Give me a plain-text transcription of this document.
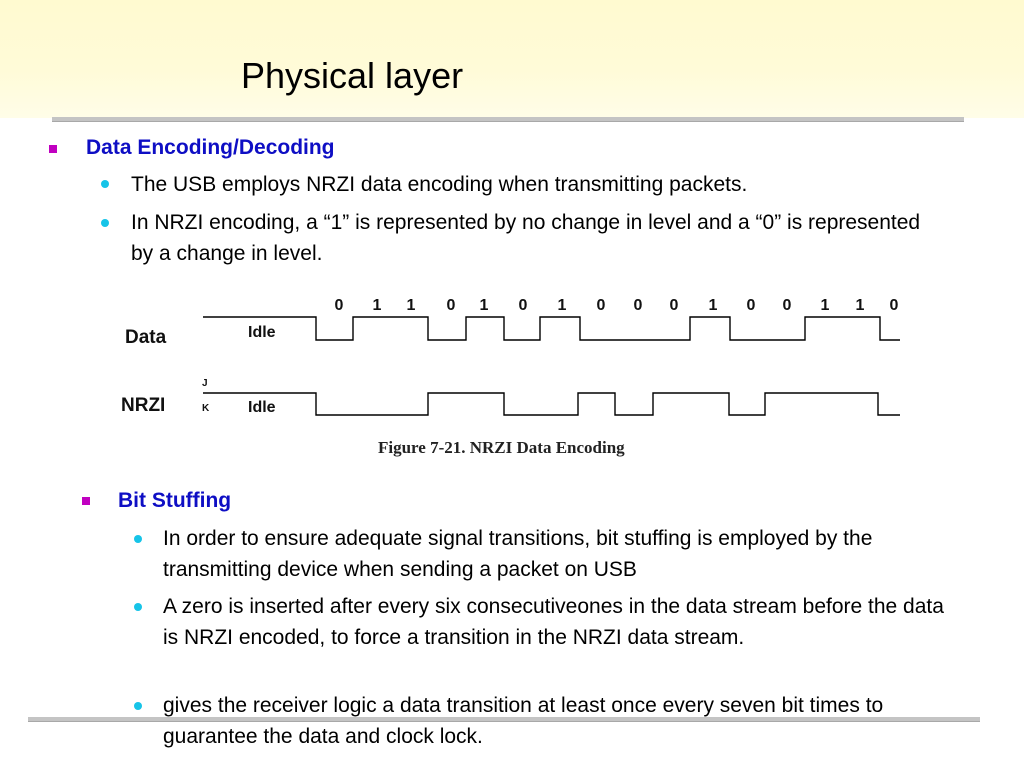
Physical layer
Data Encoding/Decoding
The USB employs NRZI data encoding when transmitting packets.
In NRZI encoding, a “1” is represented by no change in level and a “0” is represented by a change in level.
Data	Idle
NRZI
J
K Idle
0	1	1	0	1	0	1	0	0	0	1	0	0	1	1	0
Figure 7-21. NRZI Data Encoding
Bit Stuffing
In order to ensure adequate signal transitions, bit stuffing is employed by the transmitting device when sending a packet on USB
A zero is inserted after every six consecutiveones in the data stream before the data is NRZI encoded, to force a transition in the NRZI data stream.
gives the receiver logic a data transition at least once every seven bit times to guarantee the data and clock lock.
